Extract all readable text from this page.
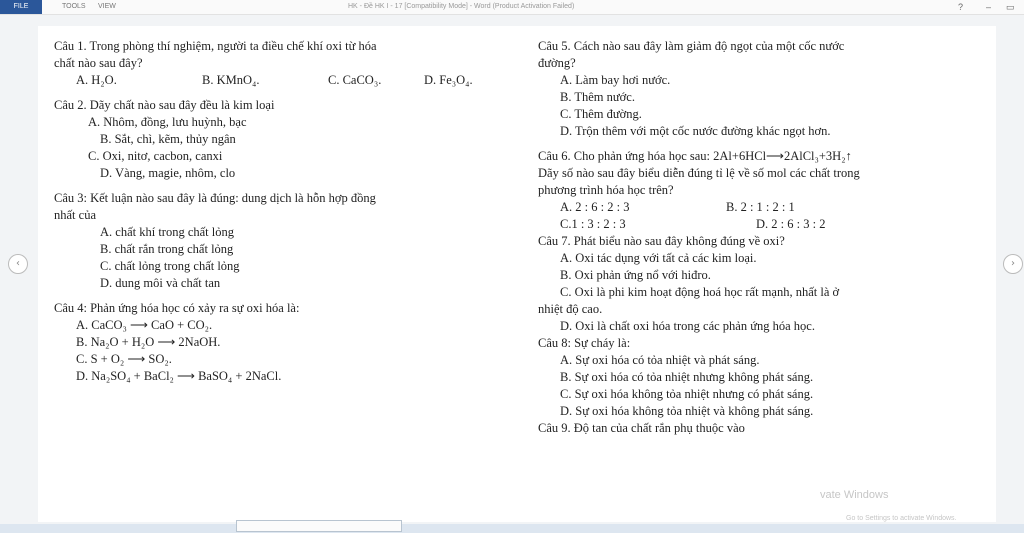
FILE	TOOLS VIEW	HK - Đề HK I - 17 [Compatibility Mode] - Word (Product Activation Failed)	?	– ▭
‹	›

Câu 1. Trong phòng thí nghiệm, người ta điều chế khí oxi từ hóa

chất nào sau đây?

A. H₂O.	B. KMnO₄.	C. CaCO₃.	D. Fe₃O₄.

Câu 2. Dãy chất nào sau đây đều là kim loại

A. Nhôm, đồng, lưu huỳnh, bạc

B. Sắt, chì, kẽm, thủy ngân

C. Oxi, nitơ, cacbon, canxi

D. Vàng, magie, nhôm, clo

Câu 3: Kết luận nào sau đây là đúng: dung dịch là hỗn hợp đồng

nhất của

A. chất khí trong chất lỏng

B. chất rắn trong chất lỏng

C. chất lỏng trong chất lỏng

D. dung môi và chất tan

Câu 4: Phản ứng hóa học có xảy ra sự oxi hóa là:

A. CaCO₃ ⟶ CaO + CO₂.

B. Na₂O + H₂O ⟶ 2NaOH.

C. S + O₂ ⟶ SO₂.

D. Na₂SO₄ + BaCl₂ ⟶ BaSO₄ + 2NaCl.

Câu 5. Cách nào sau đây làm giảm độ ngọt của một cốc nước

đường?

A. Làm bay hơi nước.

B. Thêm nước.

C. Thêm đường.

D. Trộn thêm với một cốc nước đường khác ngọt hơn.

Câu 6. Cho phản ứng hóa học sau: 2Al+6HCl⟶2AlCl₃+3H₂↑

Dãy số nào sau đây biểu diễn đúng tỉ lệ về số mol các chất trong

phương trình hóa học trên?

A. 2 : 6 : 2 : 3	B. 2 : 1 : 2 : 1

C.1 : 3 : 2 : 3	D. 2 : 6 : 3 : 2

Câu 7. Phát biểu nào sau đây không đúng về oxi?

A. Oxi tác dụng với tất cả các kim loại.

B. Oxi phản ứng nổ với hiđro.

C. Oxi là phi kim hoạt động hoá học rất mạnh, nhất là ở

nhiệt độ cao.

D. Oxi là chất oxi hóa trong các phản ứng hóa học.

Câu 8: Sự cháy là:

A. Sự oxi hóa có tỏa nhiệt và phát sáng.

B. Sự oxi hóa có tỏa nhiệt nhưng không phát sáng.

C. Sự oxi hóa không tỏa nhiệt nhưng có phát sáng.

D. Sự oxi hóa không tỏa nhiệt và không phát sáng.

Câu 9. Độ tan của chất rắn phụ thuộc vào

vate Windows
Go to Settings to activate Windows.
